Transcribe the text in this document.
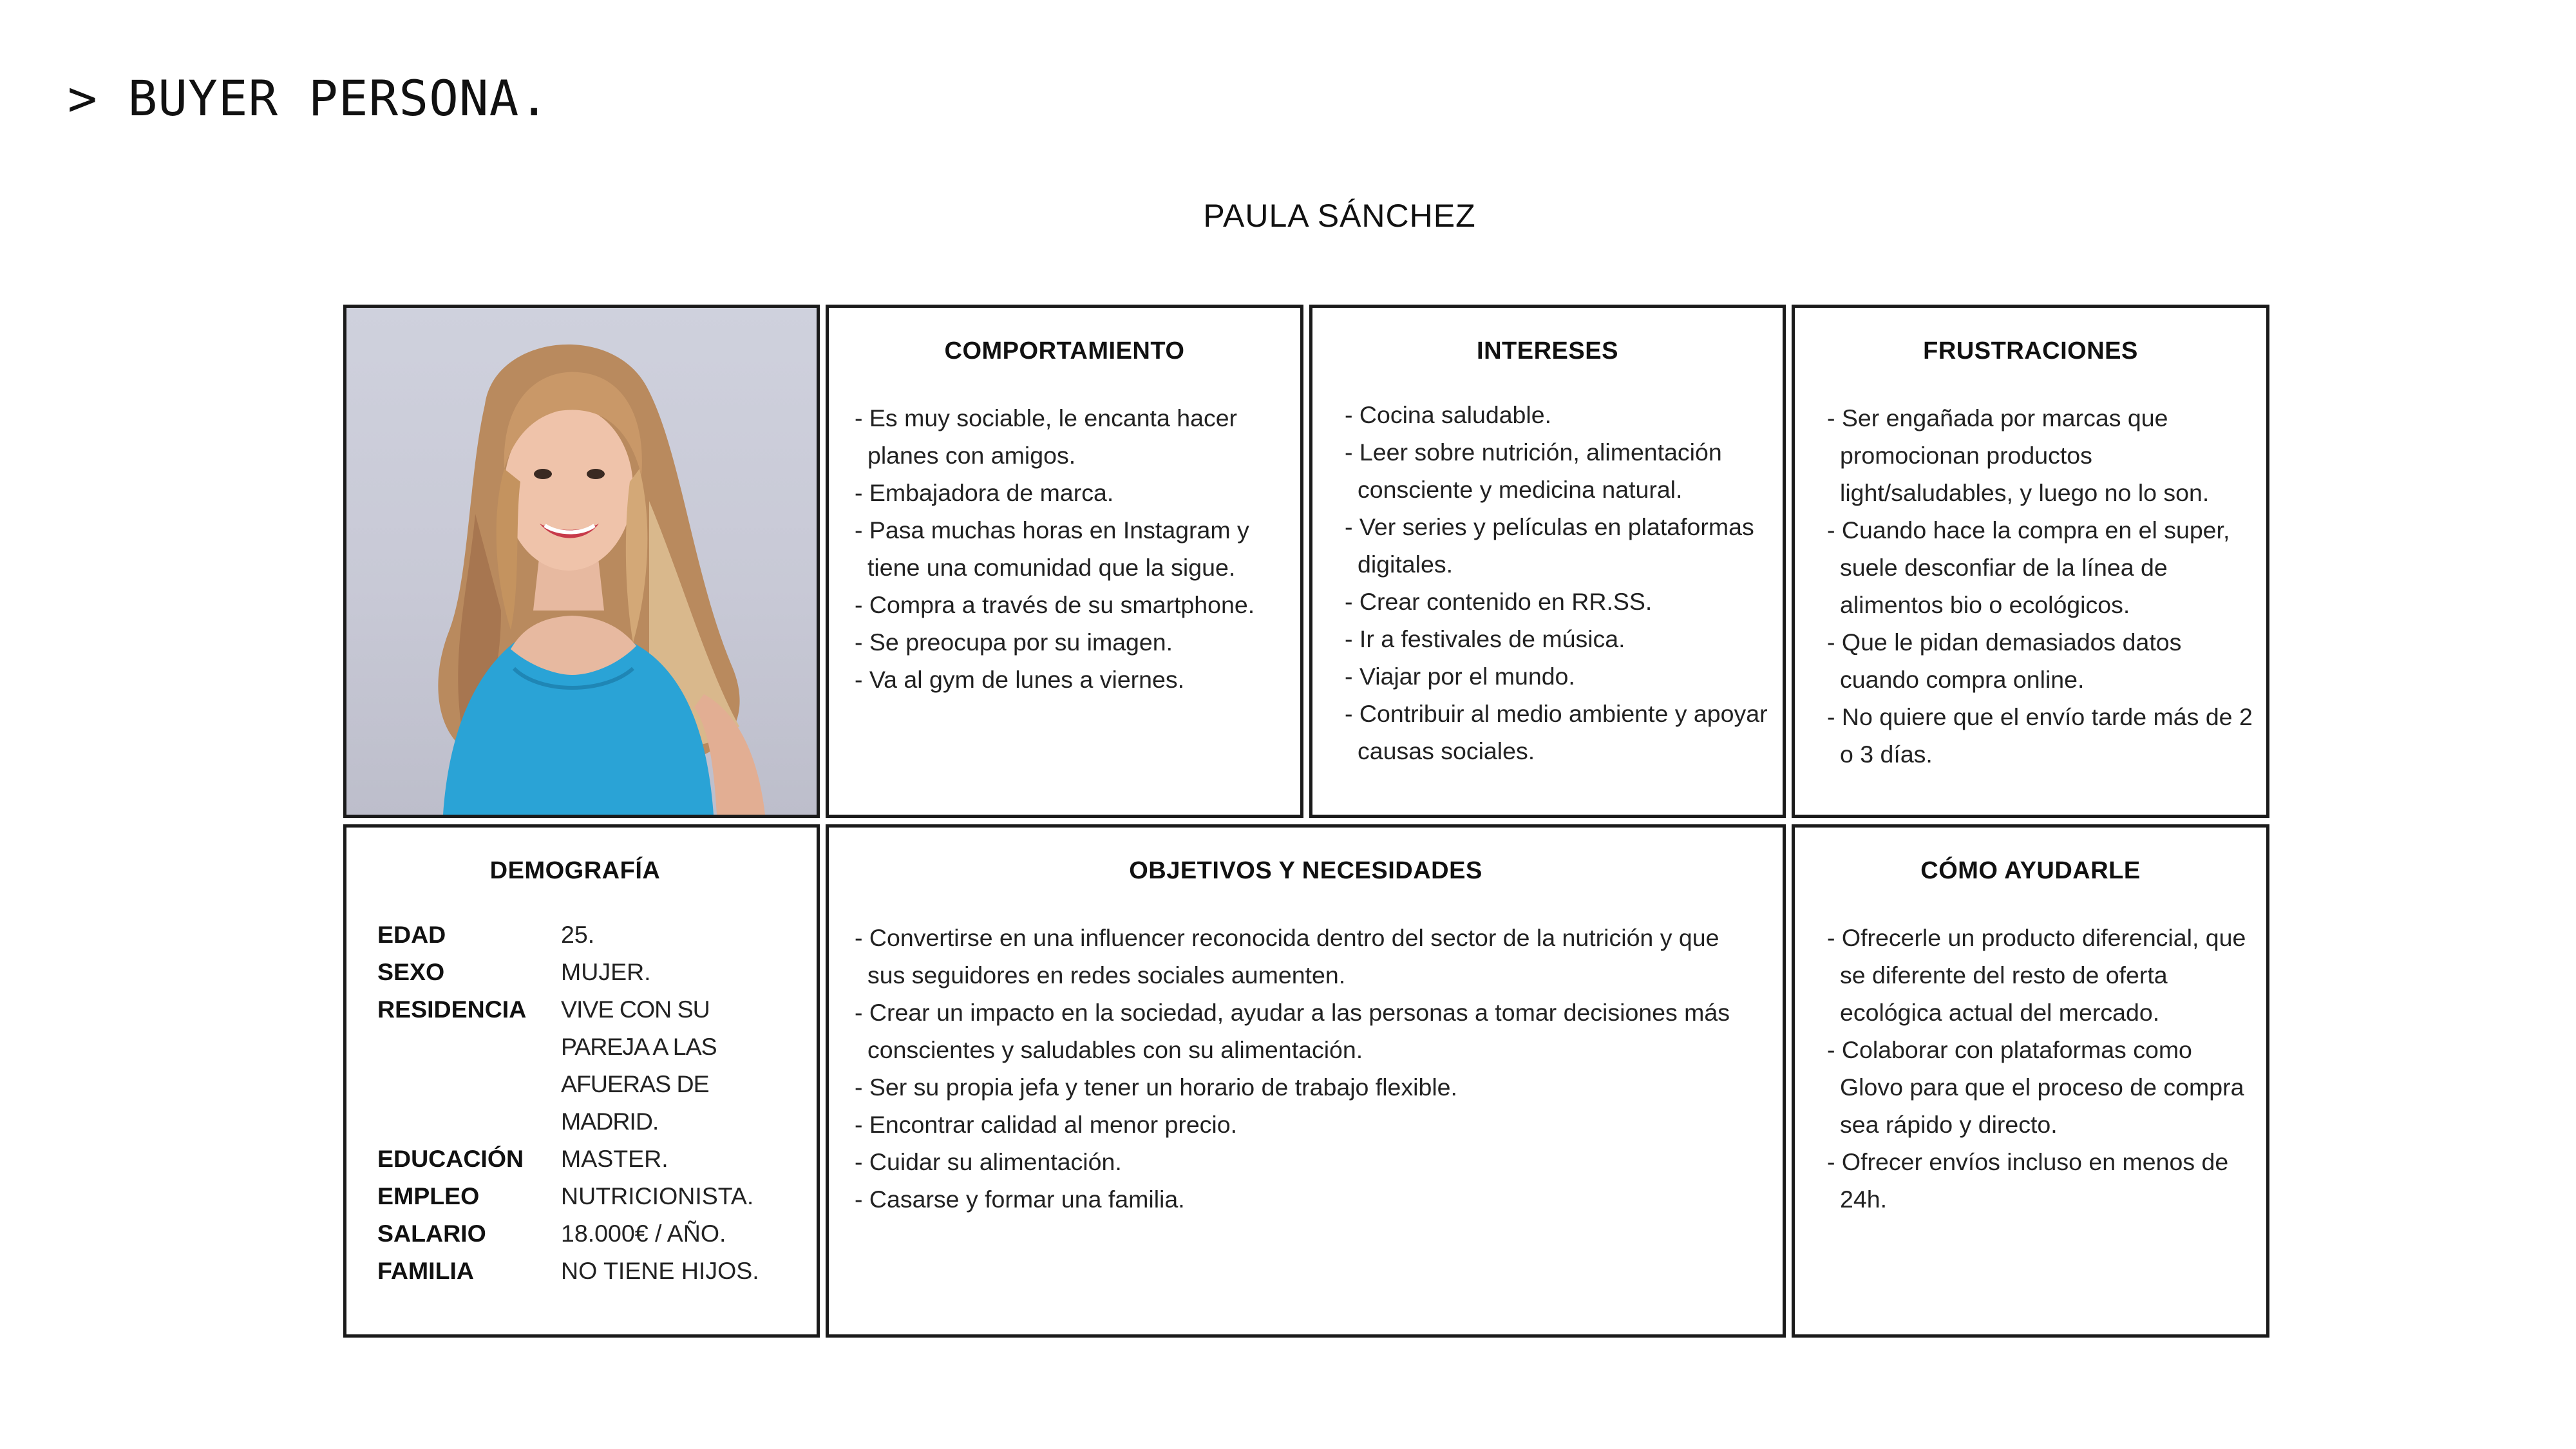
> BUYER PERSONA.
PAULA SÁNCHEZ
COMPORTAMIENTO
- Es muy sociable, le encanta hacer planes con amigos.
- Embajadora de marca.
- Pasa muchas horas en Instagram y tiene una comunidad que la sigue.
- Compra a través de su smartphone.
- Se preocupa por su imagen.
- Va al gym de lunes a viernes.
INTERESES
- Cocina saludable.
- Leer sobre nutrición, alimentación consciente y medicina natural.
- Ver series y películas en plataformas digitales.
- Crear contenido en RR.SS.
- Ir a festivales de música.
- Viajar por el mundo.
- Contribuir al medio ambiente y apoyar causas sociales.
FRUSTRACIONES
- Ser engañada por marcas que promocionan productos light/saludables, y luego no lo son.
- Cuando hace la compra en el super, suele desconfiar de la línea de alimentos bio o ecológicos.
- Que le pidan demasiados datos cuando compra online.
- No quiere que el envío tarde más de 2 o 3 días.
DEMOGRAFÍA
EDAD	25.
SEXO	MUJER.
RESIDENCIA VIVE CON SU PAREJA A LAS AFUERAS DE MADRID.
EDUCACIÓN MASTER.
EMPLEO	NUTRICIONISTA.
SALARIO	18.000€ / AÑO.
FAMILIA	NO TIENE HIJOS.
OBJETIVOS Y NECESIDADES
- Convertirse en una influencer reconocida dentro del sector de la nutrición y que sus seguidores en redes sociales aumenten.
- Crear un impacto en la sociedad, ayudar a las personas a tomar decisiones más conscientes y saludables con su alimentación.
- Ser su propia jefa y tener un horario de trabajo flexible.
- Encontrar calidad al menor precio.
- Cuidar su alimentación.
- Casarse y formar una familia.
CÓMO AYUDARLE
- Ofrecerle un producto diferencial, que se diferente del resto de oferta ecológica actual del mercado.
- Colaborar con plataformas como Glovo para que el proceso de compra sea rápido y directo.
- Ofrecer envíos incluso en menos de 24h.
